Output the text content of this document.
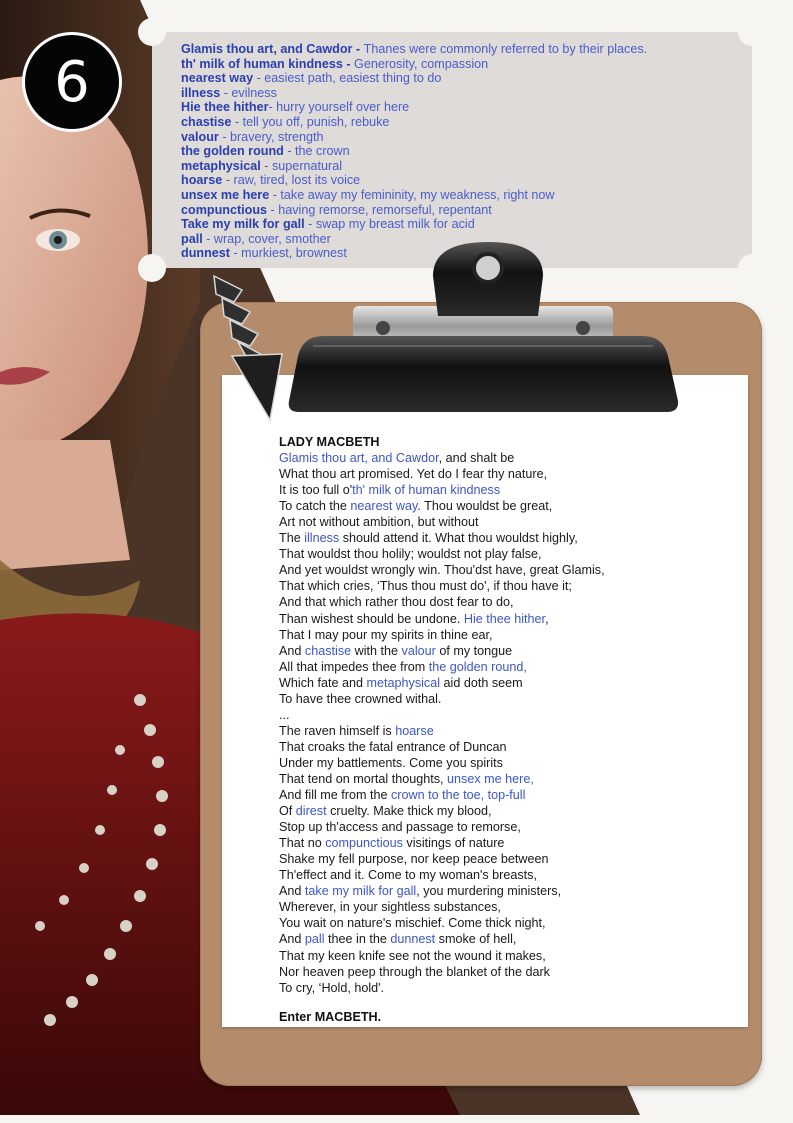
6
Glamis thou art, and Cawdor - Thanes were commonly referred to by their places.
th' milk of human kindness - Generosity, compassion
nearest way - easiest path, easiest thing to do
illness - evilness
Hie thee hither- hurry yourself over here
chastise - tell you off, punish, rebuke
valour - bravery, strength
the golden round - the crown
metaphysical - supernatural
hoarse - raw, tired, lost its voice
unsex me here - take away my femininity, my weakness, right now
compunctious - having remorse, remorseful, repentant
Take my milk for gall - swap my breast milk for acid
pall - wrap, cover, smother
dunnest - murkiest, brownest
LADY MACBETH
Glamis thou art, and Cawdor, and shalt be
What thou art promised. Yet do I fear thy nature,
It is too full o'th' milk of human kindness
To catch the nearest way. Thou wouldst be great,
Art not without ambition, but without
The illness should attend it. What thou wouldst highly,
That wouldst thou holily; wouldst not play false,
And yet wouldst wrongly win. Thou'dst have, great Glamis,
That which cries, ‘Thus thou must do', if thou have it;
And that which rather thou dost fear to do,
Than wishest should be undone. Hie thee hither,
That I may pour my spirits in thine ear,
And chastise with the valour of my tongue
All that impedes thee from the golden round,
Which fate and metaphysical aid doth seem
To have thee crowned withal.
...
The raven himself is hoarse
That croaks the fatal entrance of Duncan
Under my battlements. Come you spirits
That tend on mortal thoughts, unsex me here,
And fill me from the crown to the toe, top-full
Of direst cruelty. Make thick my blood,
Stop up th'access and passage to remorse,
That no compunctious visitings of nature
Shake my fell purpose, nor keep peace between
Th'effect and it. Come to my woman's breasts,
And take my milk for gall, you murdering ministers,
Wherever, in your sightless substances,
You wait on nature's mischief. Come thick night,
And pall thee in the dunnest smoke of hell,
That my keen knife see not the wound it makes,
Nor heaven peep through the blanket of the dark
To cry, ‘Hold, hold'.
Enter MACBETH.
